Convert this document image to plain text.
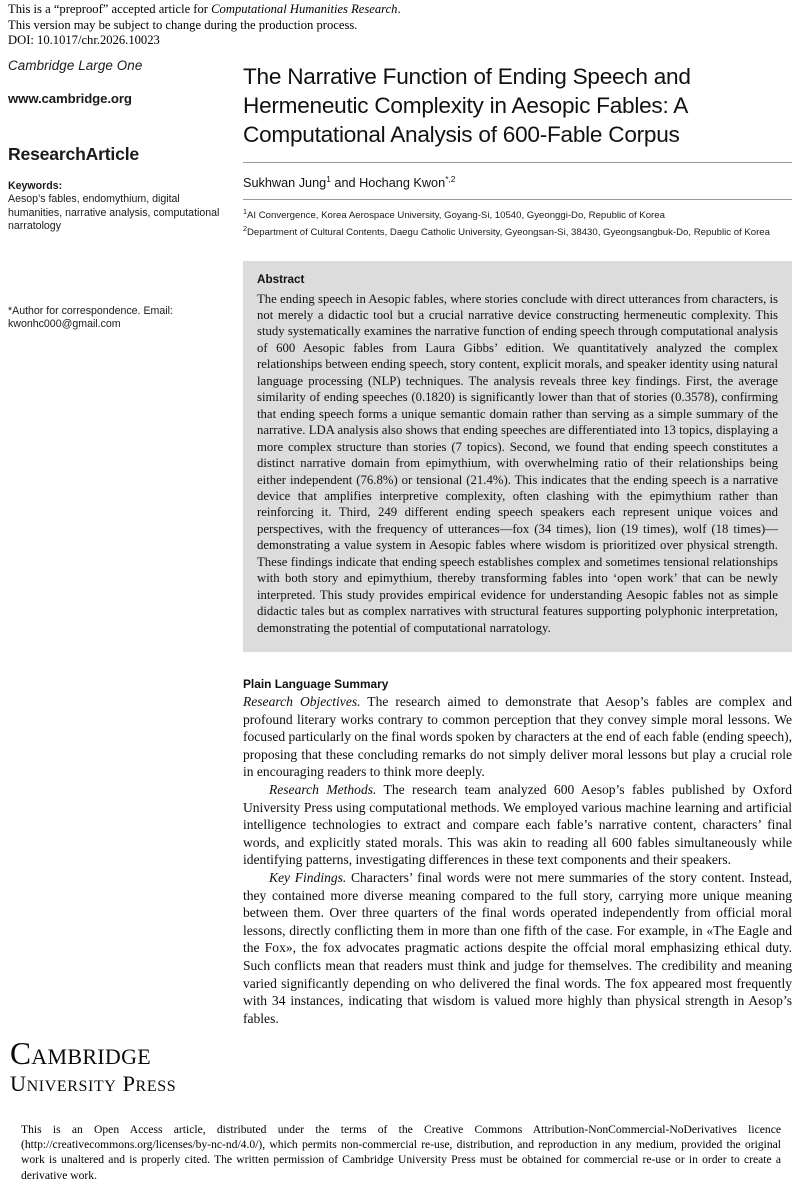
This is a “preproof” accepted article for Computational Humanities Research.
This version may be subject to change during the production process.
DOI: 10.1017/chr.2026.10023
Cambridge Large One
www.cambridge.org
ResearchArticle
Keywords:
Aesop’s fables, endomythium, digital humanities, narrative analysis, computational narratology
*Author for correspondence. Email: kwonhc000@gmail.com
Cambridge
University Press
The Narrative Function of Ending Speech and Hermeneutic Complexity in Aesopic Fables: A Computational Analysis of 600-Fable Corpus
Sukhwan Jung$^1$ and Hochang Kwon$^{*,2}$
$^1$AI Convergence, Korea Aerospace University, Goyang-Si, 10540, Gyeonggi-Do, Republic of Korea
$^2$Department of Cultural Contents, Daegu Catholic University, Gyeongsan-Si, 38430, Gyeongsangbuk-Do, Republic of Korea
Abstract
The ending speech in Aesopic fables, where stories conclude with direct utterances from characters, is not merely a didactic tool but a crucial narrative device constructing hermeneutic complexity. This study systematically examines the narrative function of ending speech through computational analysis of 600 Aesopic fables from Laura Gibbs’ edition. We quantitatively analyzed the complex relationships between ending speech, story content, explicit morals, and speaker identity using natural language processing (NLP) techniques. The analysis reveals three key findings. First, the average similarity of ending speeches (0.1820) is significantly lower than that of stories (0.3578), confirming that ending speech forms a unique semantic domain rather than serving as a simple summary of the narrative. LDA analysis also shows that ending speeches are differentiated into 13 topics, displaying a more complex structure than stories (7 topics). Second, we found that ending speech constitutes a distinct narrative domain from epimythium, with overwhelming ratio of their relationships being either independent (76.8%) or tensional (21.4%). This indicates that the ending speech is a narrative device that amplifies interpretive complexity, often clashing with the epimythium rather than reinforcing it. Third, 249 different ending speech speakers each represent unique voices and perspectives, with the frequency of utterances—fox (34 times), lion (19 times), wolf (18 times)—demonstrating a value system in Aesopic fables where wisdom is prioritized over physical strength. These findings indicate that ending speech establishes complex and sometimes tensional relationships with both story and epimythium, thereby transforming fables into ‘open work’ that can be newly interpreted. This study provides empirical evidence for understanding Aesopic fables not as simple didactic tales but as complex narratives with structural features supporting polyphonic interpretation, demonstrating the potential of computational narratology.
Plain Language Summary

Research Objectives. The research aimed to demonstrate that Aesop’s fables are complex and profound literary works contrary to common perception that they convey simple moral lessons. We focused particularly on the final words spoken by characters at the end of each fable (ending speech), proposing that these concluding remarks do not simply deliver moral lessons but play a crucial role in encouraging readers to think more deeply.

Research Methods. The research team analyzed 600 Aesop’s fables published by Oxford University Press using computational methods. We employed various machine learning and artificial intelligence technologies to extract and compare each fable’s narrative content, characters’ final words, and explicitly stated morals. This was akin to reading all 600 fables simultaneously while identifying patterns, investigating differences in these text components and their speakers.

Key Findings. Characters’ final words were not mere summaries of the story content. Instead, they contained more diverse meaning compared to the full story, carrying more unique meaning between them. Over three quarters of the final words operated independently from official moral lessons, directly conflicting them in more than one fifth of the case. For example, in «The Eagle and the Fox», the fox advocates pragmatic actions despite the offcial moral emphasizing ethical duty. Such conflicts mean that readers must think and judge for themselves. The credibility and meaning varied significantly depending on who delivered the final words. The fox appeared most frequently with 34 instances, indicating that wisdom is valued more highly than physical strength in Aesop’s fables.

This is an Open Access article, distributed under the terms of the Creative Commons Attribution-NonCommercial-NoDerivatives licence (http://creativecommons.org/licenses/by-nc-nd/4.0/), which permits non-commercial re-use, distribution, and reproduction in any medium, provided the original work is unaltered and is properly cited. The written permission of Cambridge University Press must be obtained for commercial re-use or in order to create a derivative work.
